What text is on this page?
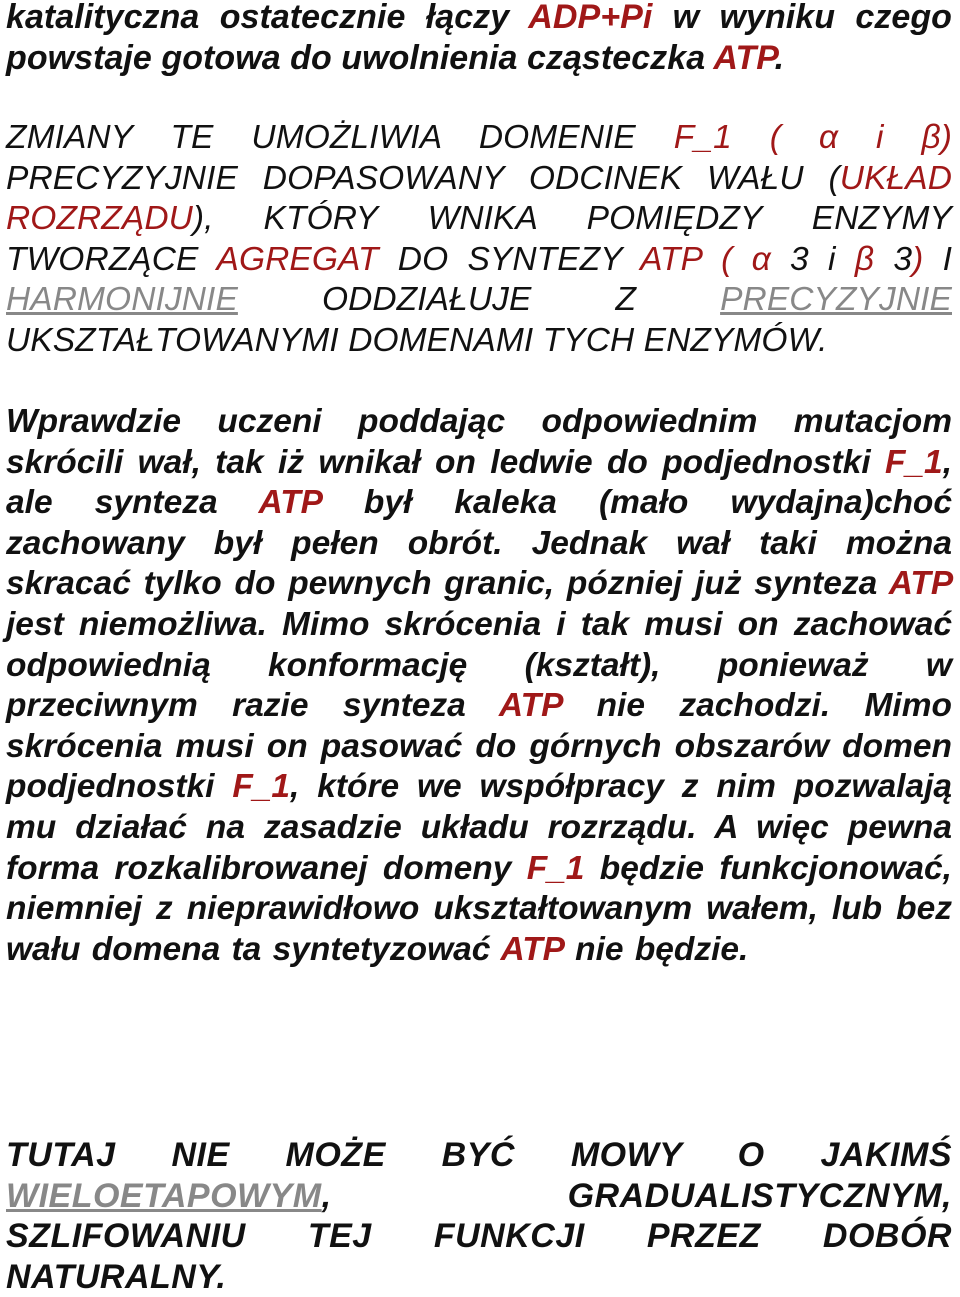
katalityczna ostatecznie łączy ADP+Pi w wyniku czego powstaje gotowa do uwolnienia cząsteczka ATP.

ZMIANY TE UMOŻLIWIA DOMENIE F_1 ( α i β) PRECYZYJNIE DOPASOWANY ODCINEK WAŁU (UKŁAD ROZRZĄDU), KTÓRY WNIKA POMIĘDZY ENZYMY TWORZĄCE AGREGAT DO SYNTEZY ATP ( α 3 i β 3) I HARMONIJNIE ODDZIAŁUJE Z PRECYZYJNIE UKSZTAŁTOWANYMI DOMENAMI TYCH ENZYMÓW.

Wprawdzie uczeni poddając odpowiednim mutacjom skrócili wał, tak iż wnikał on ledwie do podjednostki F_1, ale synteza ATP był kaleka (mało wydajna)choć zachowany był pełen obrót. Jednak wał taki można skracać tylko do pewnych granic, pózniej już synteza ATP jest niemożliwa. Mimo skrócenia i tak musi on zachować odpowiednią konformację (kształt), ponieważ w przeciwnym razie synteza ATP nie zachodzi. Mimo skrócenia musi on pasować do górnych obszarów domen podjednostki F_1, które we współpracy z nim pozwalają mu działać na zasadzie układu rozrządu. A więc pewna forma rozkalibrowanej domeny F_1 będzie funkcjonować, niemniej z nieprawidłowo ukształtowanym wałem, lub bez wału domena ta syntetyzować ATP nie będzie.

TUTAJ NIE MOŻE BYĆ MOWY O JAKIMŚ WIELOETAPOWYM, GRADUALISTYCZNYM, SZLIFOWANIU TEJ FUNKCJI PRZEZ DOBÓR NATURALNY.
